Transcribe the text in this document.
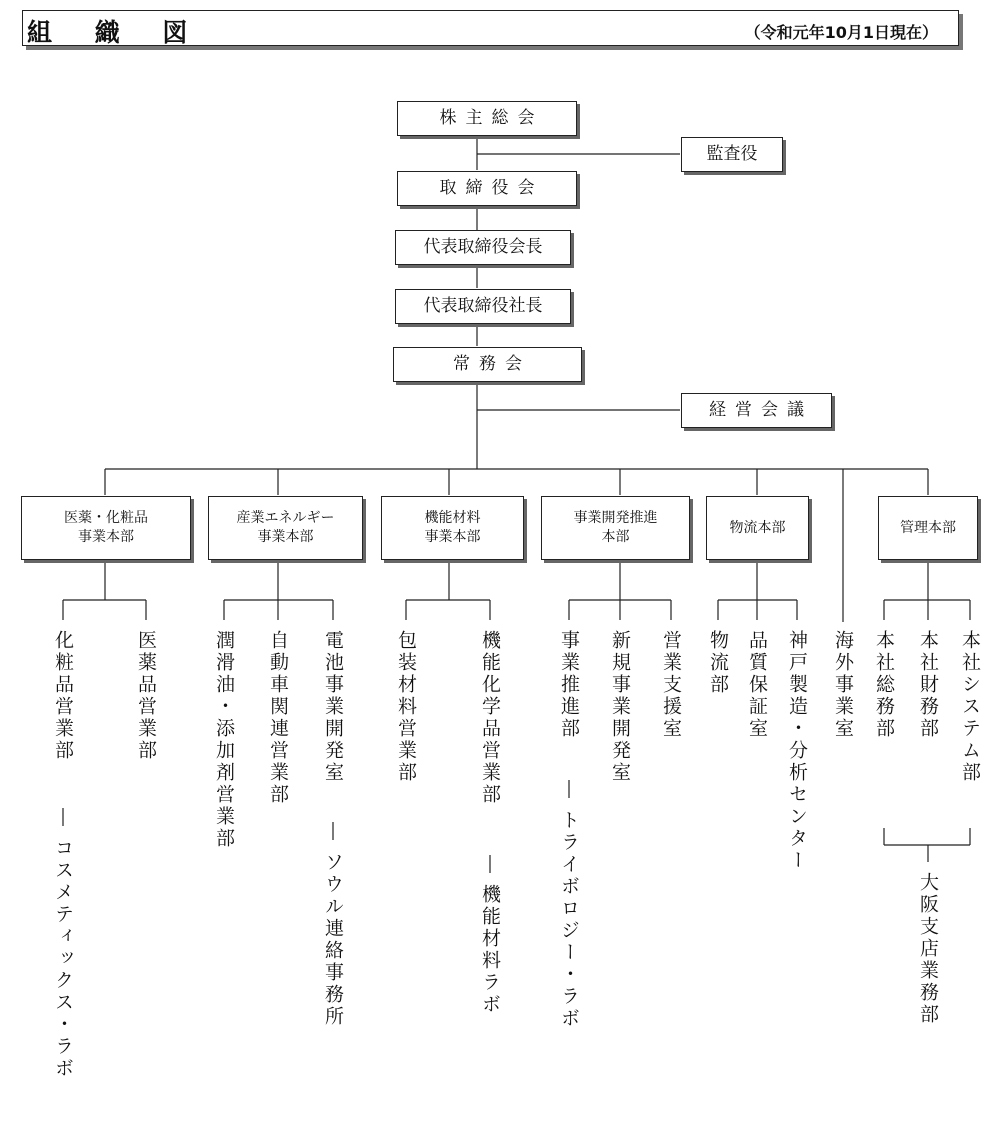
組 織 図	（令和元年10月1日現在）
株主総会
監査役
取締役会
代表取締役会長
代表取締役社長
常務会
経営会議
医薬・化粧品
事業本部
産業エネルギー
事業本部
機能材料
事業本部
事業開発推進
本部
物流本部	管理本部
化粧品営業部
コスメティックス・ラボ
医薬品営業部	潤滑油・添加剤営業部 自動車関連営業部 電池事業開発室
ソウル連絡事務所
包装材料営業部	機能化学品営業部
機能材料ラボ
事業推進部
トライボロジー・ラボ
新規事業開発室 営業支援室 物流部 品質保証室 神戸製造・分析センター 海外事業室 本社総務部 本社財務部 本社システム部
大阪支店業務部
